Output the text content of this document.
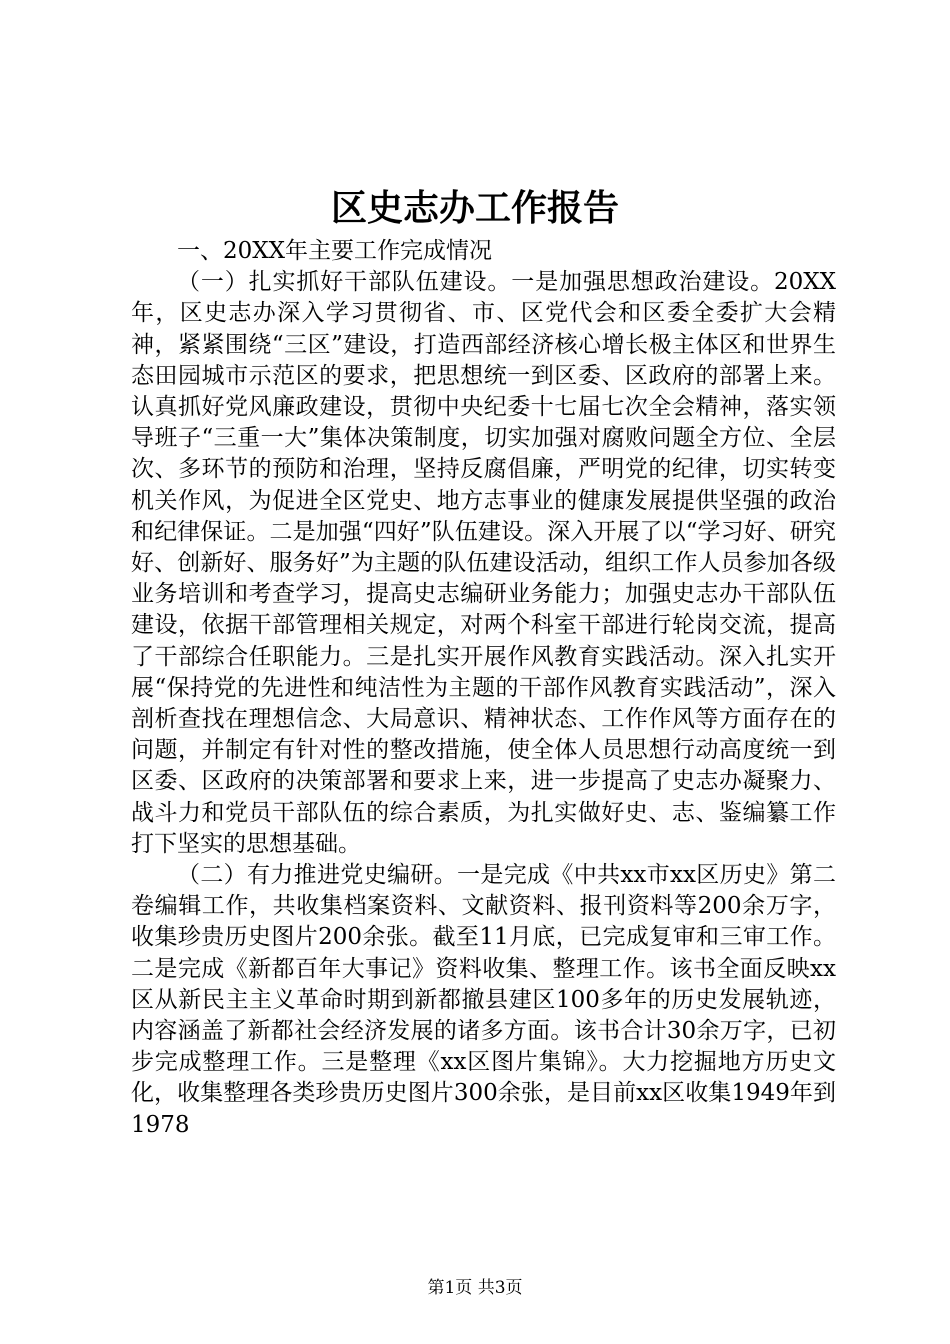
区史志办工作报告

一、20XX年主要工作完成情况

（一）扎实抓好干部队伍建设。一是加强思想政治建设。20XX年，区史志办深入学习贯彻省、市、区党代会和区委全委扩大会精神，紧紧围绕“三区”建设，打造西部经济核心增长极主体区和世界生态田园城市示范区的要求，把思想统一到区委、区政府的部署上来。认真抓好党风廉政建设，贯彻中央纪委十七届七次全会精神，落实领导班子“三重一大”集体决策制度，切实加强对腐败问题全方位、全层次、多环节的预防和治理，坚持反腐倡廉，严明党的纪律，切实转变机关作风，为促进全区党史、地方志事业的健康发展提供坚强的政治和纪律保证。二是加强“四好”队伍建设。深入开展了以“学习好、研究好、创新好、服务好”为主题的队伍建设活动，组织工作人员参加各级业务培训和考查学习，提高史志编研业务能力；加强史志办干部队伍建设，依据干部管理相关规定，对两个科室干部进行轮岗交流，提高了干部综合任职能力。三是扎实开展作风教育实践活动。深入扎实开展“保持党的先进性和纯洁性为主题的干部作风教育实践活动”，深入剖析查找在理想信念、大局意识、精神状态、工作作风等方面存在的问题，并制定有针对性的整改措施，使全体人员思想行动高度统一到区委、区政府的决策部署和要求上来，进一步提高了史志办凝聚力、战斗力和党员干部队伍的综合素质，为扎实做好史、志、鉴编纂工作打下坚实的思想基础。

（二）有力推进党史编研。一是完成《中共xx市xx区历史》第二卷编辑工作，共收集档案资料、文献资料、报刊资料等200余万字，收集珍贵历史图片200余张。截至11月底，已完成复审和三审工作。二是完成《新都百年大事记》资料收集、整理工作。该书全面反映xx区从新民主主义革命时期到新都撤县建区100多年的历史发展轨迹，内容涵盖了新都社会经济发展的诸多方面。该书合计30余万字，已初步完成整理工作。三是整理《xx区图片集锦》。大力挖掘地方历史文化，收集整理各类珍贵历史图片300余张，是目前xx区收集1949年到1978

第1页 共3页
